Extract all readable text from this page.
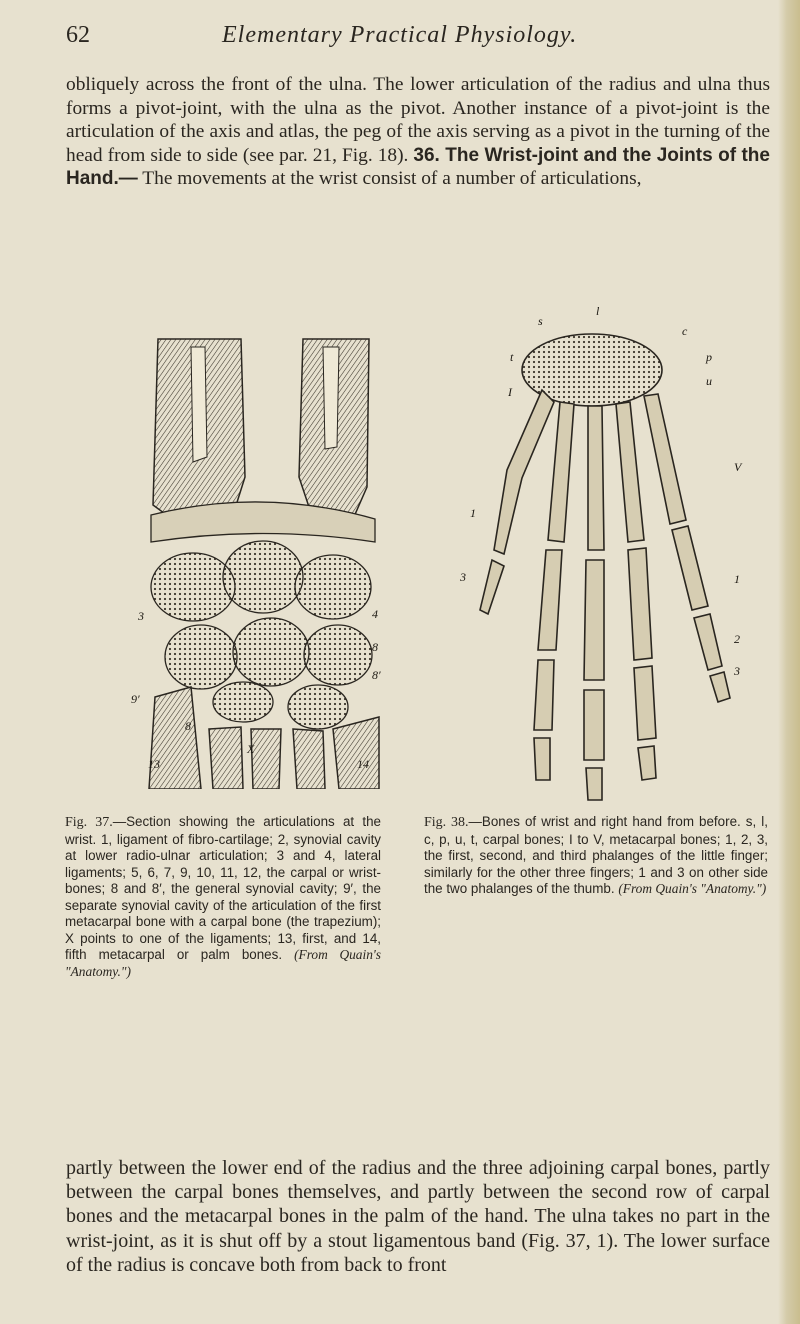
62	Elementary Practical Physiology.

obliquely across the front of the ulna. The lower articulation of the radius and ulna thus forms a pivot-joint, with the ulna as the pivot. Another instance of a pivot-joint is the articulation of the axis and atlas, the peg of the axis serving as a pivot in the turning of the head from side to side (see par. 21, Fig. 18). 36. The Wrist-joint and the Joints of the Hand.— The movements at the wrist consist of a number of articulations,

3	4
8
8′
9′
8
X
13	14
s
l
c
t	p
u
I
V
1
3	1
2
3

Fig. 37.—Section showing the articulations at the wrist. 1, ligament of fibro-cartilage; 2, synovial cavity at lower radio-ulnar articulation; 3 and 4, lateral ligaments; 5, 6, 7, 9, 10, 11, 12, the carpal or wrist-bones; 8 and 8′, the general synovial cavity; 9′, the separate synovial cavity of the articulation of the first metacarpal bone with a carpal bone (the trapezium); X points to one of the ligaments; 13, first, and 14, fifth metacarpal or palm bones. (From Quain's "Anatomy.")

Fig. 38.—Bones of wrist and right hand from before. s, l, c, p, u, t, carpal bones; I to V, metacarpal bones; 1, 2, 3, the first, second, and third phalanges of the little finger; similarly for the other three fingers; 1 and 3 on other side the two phalanges of the thumb. (From Quain's "Anatomy.")

partly between the lower end of the radius and the three adjoining carpal bones, partly between the carpal bones themselves, and partly between the second row of carpal bones and the metacarpal bones in the palm of the hand. The ulna takes no part in the wrist-joint, as it is shut off by a stout ligamentous band (Fig. 37, 1). The lower surface of the radius is concave both from back to front
